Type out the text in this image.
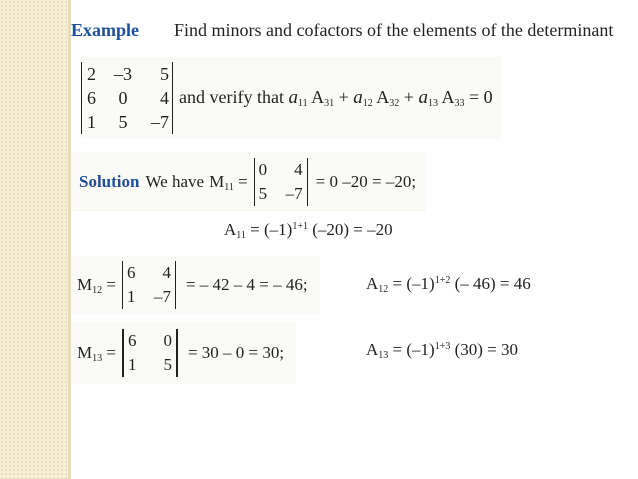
Example Find minors and cofactors of the elements of the determinant
2
6
1
–3
0
5
5
4
–7
and verify that $a_{11}$ $A_{31} + a_{12}$ $A_{32} + a_{13}$ $A_{33} = 0$
Solution We have $M_{11}$ =
0
5
4
–7
= 0 –20 = –20;
$A_{11} = (-1)^{1+1}$ (–20) = –20
$M_{12}$ =
6
1
4
–7
= – 42 – 4 = – 46;	$A_{12} = (-1)^{1+2}$ (– 46) = 46
$M_{13}$ =
6
1
0
5
= 30 – 0 = 30;	$A_{13} = (-1)^{1+3}$ (30) = 30
